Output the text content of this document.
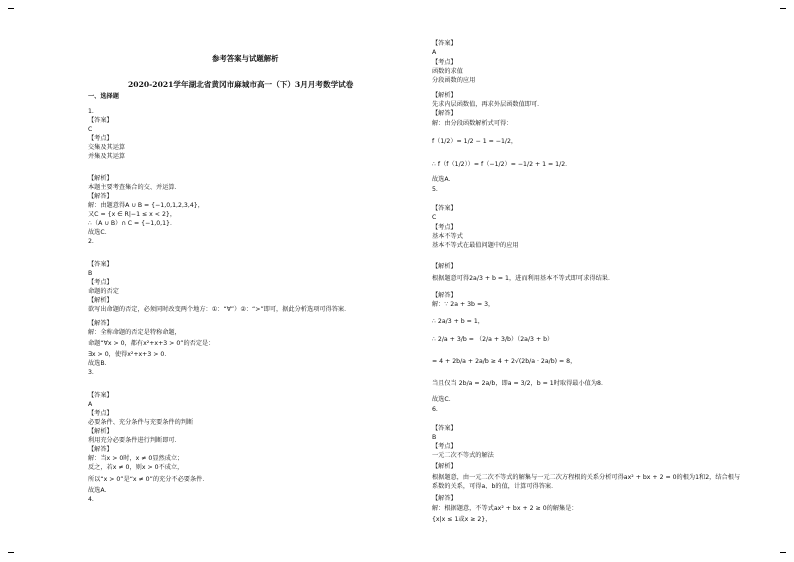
参考答案与试题解析
2020-2021学年湖北省黄冈市麻城市高一（下）3月月考数学试卷
一、选择题
1.
【答案】
C
【考点】
交集及其运算
并集及其运算
【解析】
本题主要考查集合的交、并运算．
【解答】
解：由题意得A ∪ B = {−1,0,1,2,3,4}，
又C = {x ∈ R|−1 ≤ x < 2}，
∴（A ∪ B）∩ C = {−1,0,1}．
故选C．
2.
【答案】
B
【考点】
命题的否定
【解析】
欲写出命题的否定，必须同时改变两个地方：①：“∀”）②：“>”即可，据此分析选项可得答案．
【解答】
解：全称命题的否定是特称命题，
命题“∀x > 0，都有x²+x+3 > 0”的否定是：
∃x > 0，使得x²+x+3 > 0．
故选B．
3.
【答案】
A
【考点】
必要条件、充分条件与充要条件的判断
【解析】
利用充分必要条件进行判断即可．
【解答】
解：当x > 0时，x ≠ 0显然成立；
反之，若x ≠ 0，则x > 0不成立，
所以“x > 0”是“x ≠ 0”的充分不必要条件．
故选A．
4.
【答案】
A
【考点】
函数的求值
分段函数的应用
【解析】
先求内层函数值，再求外层函数值即可．
【解答】
解：由分段函数解析式可得：
f（1/2）= 1/2 − 1 = −1/2，
∴ f（f（1/2））= f（−1/2）= −1/2 + 1 = 1/2．
故选A．
5.
【答案】
C
【考点】
基本不等式
基本不等式在最值问题中的应用
【解析】
根据题意可得2a/3 + b = 1，进而利用基本不等式即可求得结果．
【解答】
解：∵ 2a + 3b = 3，
∴ 2a/3 + b = 1，
∴ 2/a + 3/b = （2/a + 3/b）（2a/3 + b）
= 4 + 2b/a + 2a/b ≥ 4 + 2√(2b/a · 2a/b) = 8，
当且仅当 2b/a = 2a/b，即a = 3/2，b = 1时取得最小值为8．
故选C．
6.
【答案】
B
【考点】
一元二次不等式的解法
【解析】
根据题意，由一元二次不等式的解集与一元二次方程根的关系分析可得ax² + bx + 2 = 0的根为1和2，结合根与
系数的关系，可得a、b的值，计算可得答案．
【解答】
解：根据题意，不等式ax² + bx + 2 ≥ 0的解集是：
{x|x ≤ 1或x ≥ 2}，
